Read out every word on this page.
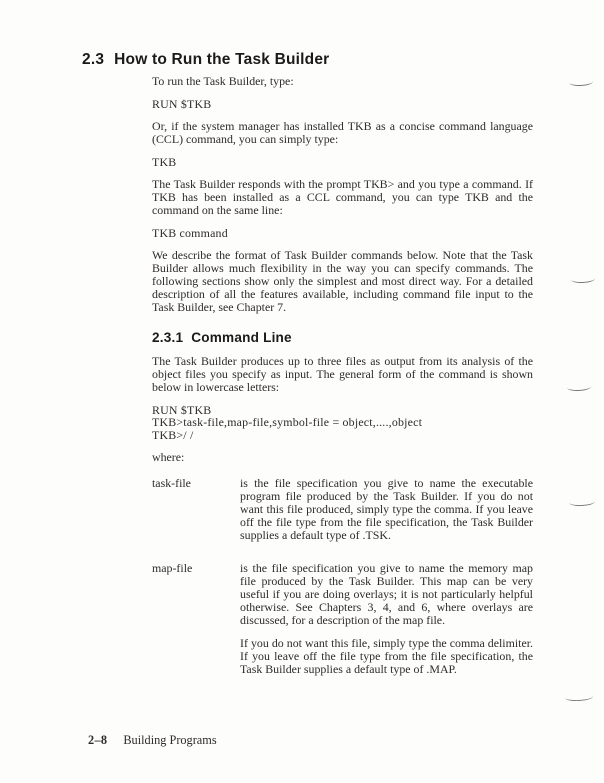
2.3 How to Run the Task Builder

To run the Task Builder, type:

RUN $TKB

Or, if the system manager has installed TKB as a concise command language (CCL) command, you can simply type:

TKB

The Task Builder responds with the prompt TKB> and you type a command. If TKB has been installed as a CCL command, you can type TKB and the command on the same line:

TKB command

We describe the format of Task Builder commands below. Note that the Task Builder allows much flexibility in the way you can specify commands. The following sections show only the simplest and most direct way. For a detailed description of all the features available, including command file input to the Task Builder, see Chapter 7.

2.3.1 Command Line

The Task Builder produces up to three files as output from its analysis of the object files you specify as input. The general form of the command is shown below in lowercase letters:

RUN $TKB
TKB>task-file,map-file,symbol-file = object,....,object
TKB>/ /

where:

task-file	is the file specification you give to name the executable program file produced by the Task Builder. If you do not want this file produced, simply type the comma. If you leave off the file type from the file specification, the Task Builder supplies a default type of .TSK.

map-file	is the file specification you give to name the memory map file produced by the Task Builder. This map can be very useful if you are doing overlays; it is not particularly helpful otherwise. See Chapters 3, 4, and 6, where overlays are discussed, for a description of the map file.

If you do not want this file, simply type the comma delimiter. If you leave off the file type from the file specification, the Task Builder supplies a default type of .MAP.

2–8 Building Programs
